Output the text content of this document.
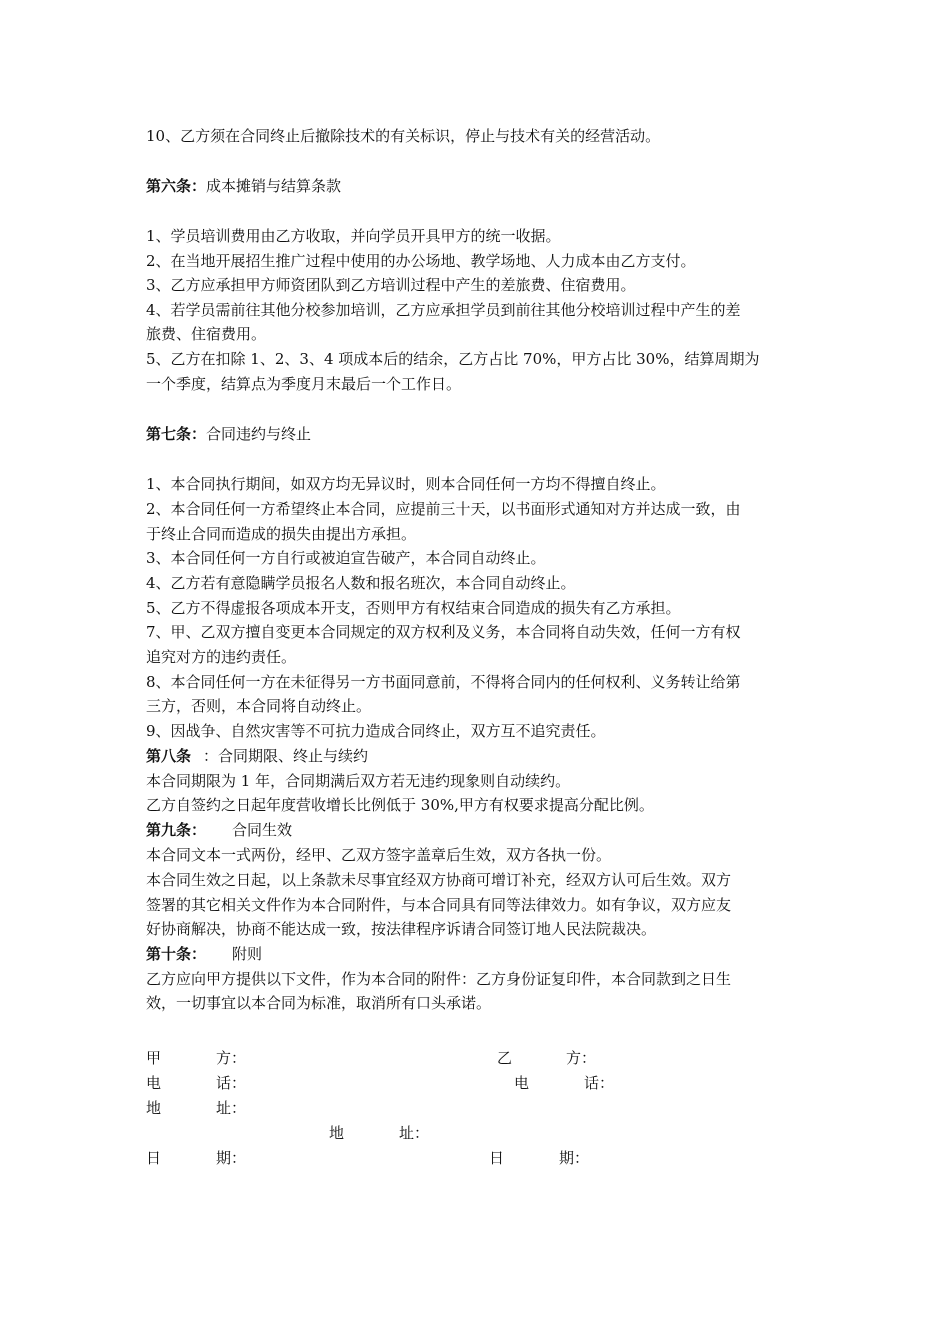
10、乙方须在合同终止后撤除技术的有关标识，停止与技术有关的经营活动。
第六条：成本摊销与结算条款
1、学员培训费用由乙方收取，并向学员开具甲方的统一收据。
2、在当地开展招生推广过程中使用的办公场地、教学场地、人力成本由乙方支付。
3、乙方应承担甲方师资团队到乙方培训过程中产生的差旅费、住宿费用。
4、若学员需前往其他分校参加培训，乙方应承担学员到前往其他分校培训过程中产生的差
旅费、住宿费用。
5、乙方在扣除 1、2、3、4 项成本后的结余，乙方占比 70%，甲方占比 30%，结算周期为
一个季度，结算点为季度月末最后一个工作日。
第七条：合同违约与终止
1、本合同执行期间，如双方均无异议时，则本合同任何一方均不得擅自终止。
2、本合同任何一方希望终止本合同，应提前三十天，以书面形式通知对方并达成一致，由
于终止合同而造成的损失由提出方承担。
3、本合同任何一方自行或被迫宣告破产，本合同自动终止。
4、乙方若有意隐瞒学员报名人数和报名班次，本合同自动终止。
5、乙方不得虚报各项成本开支，否则甲方有权结束合同造成的损失有乙方承担。
7、甲、乙双方擅自变更本合同规定的双方权利及义务，本合同将自动失效，任何一方有权
追究对方的违约责任。
8、本合同任何一方在未征得另一方书面同意前，不得将合同内的任何权利、义务转让给第
三方，否则，本合同将自动终止。
9、因战争、自然灾害等不可抗力造成合同终止，双方互不追究责任。
第八条 ：合同期限、终止与续约
本合同期限为 1 年，合同期满后双方若无违约现象则自动续约。
乙方自签约之日起年度营收增长比例低于 30%,甲方有权要求提高分配比例。
第九条： 合同生效
本合同文本一式两份，经甲、乙双方签字盖章后生效，双方各执一份。
本合同生效之日起，以上条款未尽事宜经双方协商可增订补充，经双方认可后生效。双方
签署的其它相关文件作为本合同附件，与本合同具有同等法律效力。如有争议，双方应友
好协商解决，协商不能达成一致，按法律程序诉请合同签订地人民法院裁决。
第十条： 附则
乙方应向甲方提供以下文件，作为本合同的附件：乙方身份证复印件，本合同款到之日生
效，一切事宜以本合同为标准，取消所有口头承诺。
甲	方：	乙	方：
电	话：	电	话：
地	址：
地	址：
日	期：	日	期：
